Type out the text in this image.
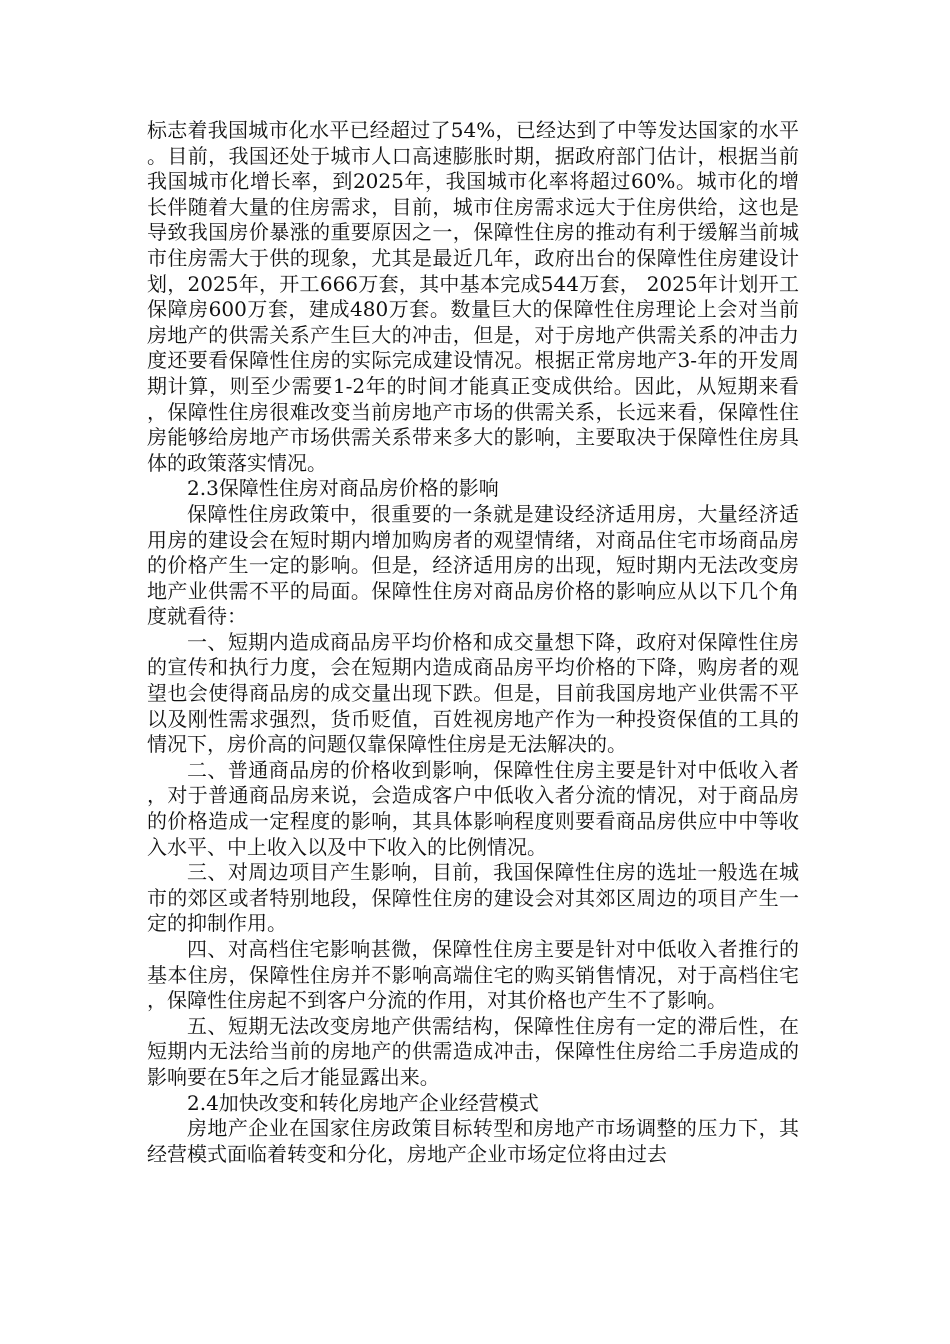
标志着我国城市化水平已经超过了54%，已经达到了中等发达国家的水平。目前，我国还处于城市人口高速膨胀时期，据政府部门估计，根据当前我国城市化增长率，到2025年，我国城市化率将超过60%。城市化的增长伴随着大量的住房需求，目前，城市住房需求远大于住房供给，这也是导致我国房价暴涨的重要原因之一，保障性住房的推动有利于缓解当前城市住房需大于供的现象，尤其是最近几年，政府出台的保障性住房建设计划，2025年，开工666万套，其中基本完成544万套， 2025年计划开工保障房600万套，建成480万套。数量巨大的保障性住房理论上会对当前房地产的供需关系产生巨大的冲击，但是，对于房地产供需关系的冲击力度还要看保障性住房的实际完成建设情况。根据正常房地产3-年的开发周期计算，则至少需要1-2年的时间才能真正变成供给。因此，从短期来看，保障性住房很难改变当前房地产市场的供需关系，长远来看，保障性住房能够给房地产市场供需关系带来多大的影响，主要取决于保障性住房具体的政策落实情况。

2.3保障性住房对商品房价格的影响

保障性住房政策中，很重要的一条就是建设经济适用房，大量经济适用房的建设会在短时期内增加购房者的观望情绪，对商品住宅市场商品房的价格产生一定的影响。但是，经济适用房的出现，短时期内无法改变房地产业供需不平的局面。保障性住房对商品房价格的影响应从以下几个角度就看待：

一、短期内造成商品房平均价格和成交量想下降，政府对保障性住房的宣传和执行力度，会在短期内造成商品房平均价格的下降，购房者的观望也会使得商品房的成交量出现下跌。但是，目前我国房地产业供需不平以及刚性需求强烈，货币贬值，百姓视房地产作为一种投资保值的工具的情况下，房价高的问题仅靠保障性住房是无法解决的。

二、普通商品房的价格收到影响，保障性住房主要是针对中低收入者，对于普通商品房来说，会造成客户中低收入者分流的情况，对于商品房的价格造成一定程度的影响，其具体影响程度则要看商品房供应中中等收入水平、中上收入以及中下收入的比例情况。

三、对周边项目产生影响，目前，我国保障性住房的选址一般选在城市的郊区或者特别地段，保障性住房的建设会对其郊区周边的项目产生一定的抑制作用。

四、对高档住宅影响甚微，保障性住房主要是针对中低收入者推行的基本住房，保障性住房并不影响高端住宅的购买销售情况，对于高档住宅，保障性住房起不到客户分流的作用，对其价格也产生不了影响。

五、短期无法改变房地产供需结构，保障性住房有一定的滞后性，在短期内无法给当前的房地产的供需造成冲击，保障性住房给二手房造成的影响要在5年之后才能显露出来。

2.4加快改变和转化房地产企业经营模式

房地产企业在国家住房政策目标转型和房地产市场调整的压力下，其经营模式面临着转变和分化，房地产企业市场定位将由过去
